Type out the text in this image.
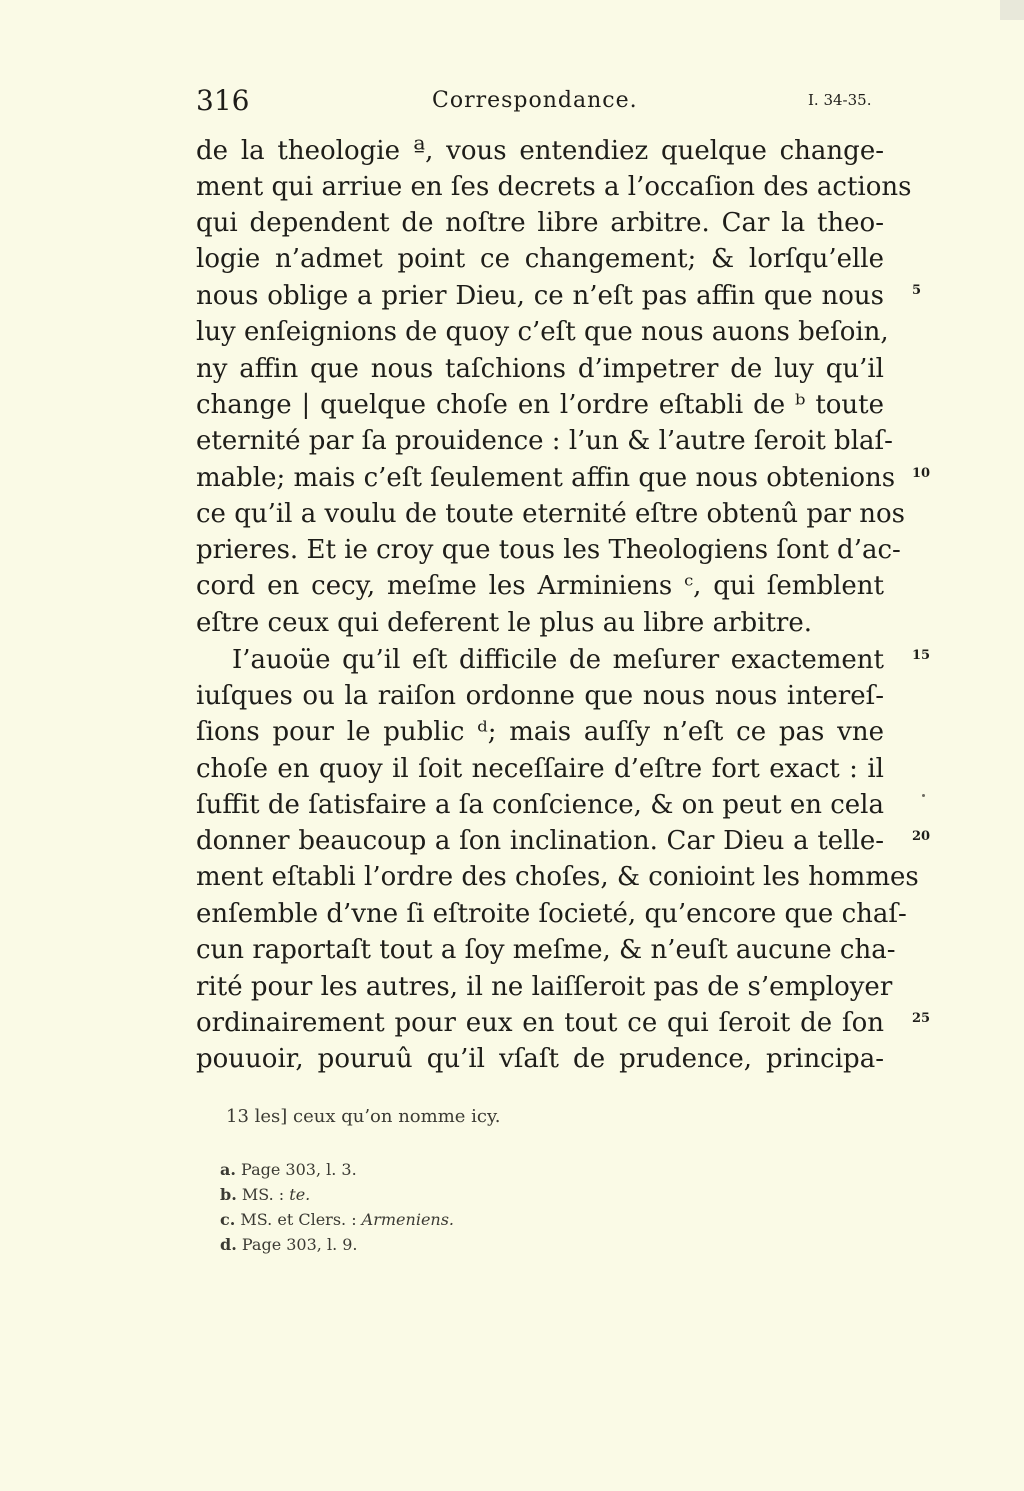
316	Correspondance.	I. 34-35.
de la theologie ª, vous entendiez quelque change-
ment qui arriue en ſes decrets a l’occaſion des actions
qui dependent de noſtre libre arbitre. Car la theo-
logie n’admet point ce changement; & lorſqu’elle
nous oblige a prier Dieu, ce n’eſt pas affin que nous
luy enſeignions de quoy c’eſt que nous auons beſoin,
ny affin que nous taſchions d’impetrer de luy qu’il
change | quelque choſe en l’ordre eſtabli de ᵇ toute
eternité par ſa prouidence : l’un & l’autre ſeroit blaſ-
mable; mais c’eſt ſeulement affin que nous obtenions
ce qu’il a voulu de toute eternité eſtre obtenû par nos
prieres. Et ie croy que tous les Theologiens ſont d’ac-
cord en cecy, meſme les Arminiens ᶜ, qui ſemblent
eſtre ceux qui deferent le plus au libre arbitre.
I’auoüe qu’il eſt difficile de meſurer exactement
iuſques ou la raiſon ordonne que nous nous intereſ-
ſions pour le public ᵈ; mais auſſy n’eſt ce pas vne
choſe en quoy il ſoit neceſſaire d’eſtre fort exact : il
ſuffit de ſatisfaire a ſa conſcience, & on peut en cela
donner beaucoup a ſon inclination. Car Dieu a telle-
ment eſtabli l’ordre des choſes, & conioint les hommes
enſemble d’vne ſi eſtroite ſocieté, qu’encore que chaſ-
cun raportaſt tout a ſoy meſme, & n’euſt aucune cha-
rité pour les autres, il ne laiſſeroit pas de s’employer
ordinairement pour eux en tout ce qui ſeroit de ſon
pouuoir, pouruû qu’il vſaſt de prudence, principa-
5
10
15
20
25
13 les] ceux qu’on nomme icy.
a. Page 303, l. 3.
b. MS. : te.
c. MS. et Clers. : Armeniens.
d. Page 303, l. 9.
